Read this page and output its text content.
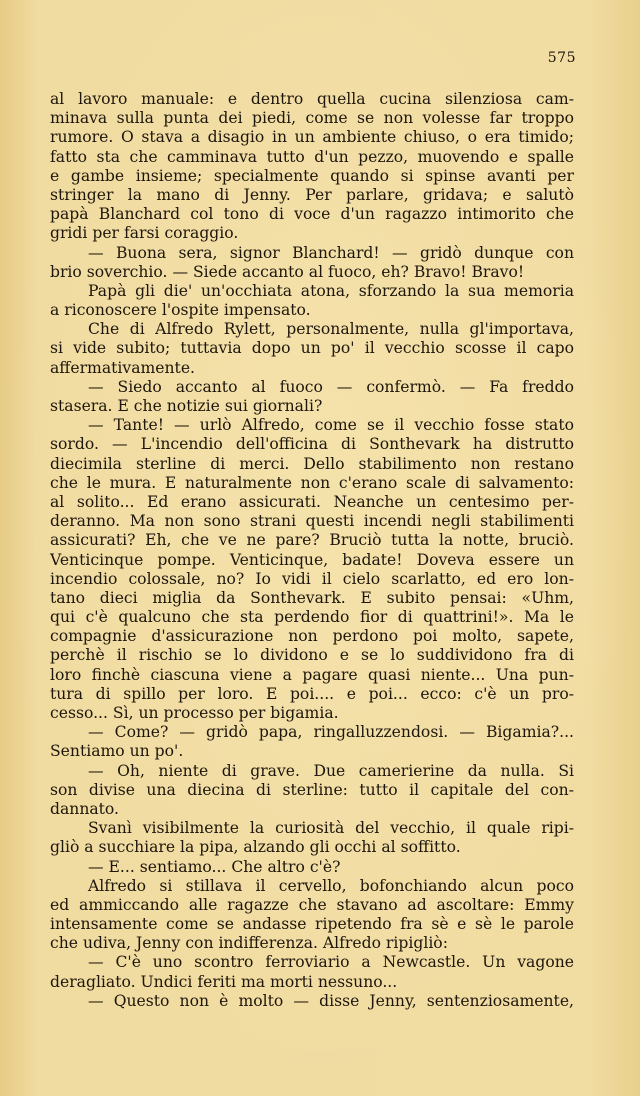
575
al lavoro manuale: e dentro quella cucina silenziosa cam-
minava sulla punta dei piedi, come se non volesse far troppo
rumore. O stava a disagio in un ambiente chiuso, o era timido;
fatto sta che camminava tutto d'un pezzo, muovendo e spalle
e gambe insieme; specialmente quando si spinse avanti per
stringer la mano di Jenny. Per parlare, gridava; e salutò
papà Blanchard col tono di voce d'un ragazzo intimorito che
gridi per farsi coraggio.
— Buona sera, signor Blanchard! — gridò dunque con
brio soverchio. — Siede accanto al fuoco, eh? Bravo! Bravo!
Papà gli die' un'occhiata atona, sforzando la sua memoria
a riconoscere l'ospite impensato.
Che di Alfredo Rylett, personalmente, nulla gl'importava,
si vide subito; tuttavia dopo un po' il vecchio scosse il capo
affermativamente.
— Siedo accanto al fuoco — confermò. — Fa freddo
stasera. E che notizie sui giornali?
— Tante! — urlò Alfredo, come se il vecchio fosse stato
sordo. — L'incendio dell'officina di Sonthevark ha distrutto
diecimila sterline di merci. Dello stabilimento non restano
che le mura. E naturalmente non c'erano scale di salvamento:
al solito... Ed erano assicurati. Neanche un centesimo per-
deranno. Ma non sono strani questi incendi negli stabilimenti
assicurati? Eh, che ve ne pare? Bruciò tutta la notte, bruciò.
Venticinque pompe. Venticinque, badate! Doveva essere un
incendio colossale, no? Io vidi il cielo scarlatto, ed ero lon-
tano dieci miglia da Sonthevark. E subito pensai: «Uhm,
qui c'è qualcuno che sta perdendo fior di quattrini!». Ma le
compagnie d'assicurazione non perdono poi molto, sapete,
perchè il rischio se lo dividono e se lo suddividono fra di
loro finchè ciascuna viene a pagare quasi niente... Una pun-
tura di spillo per loro. E poi.... e poi... ecco: c'è un pro-
cesso... Sì, un processo per bigamia.
— Come? — gridò papa, ringalluzzendosi. — Bigamia?...
Sentiamo un po'.
— Oh, niente di grave. Due camerierine da nulla. Si
son divise una diecina di sterline: tutto il capitale del con-
dannato.
Svanì visibilmente la curiosità del vecchio, il quale ripi-
gliò a succhiare la pipa, alzando gli occhi al soffitto.
— E... sentiamo... Che altro c'è?
Alfredo si stillava il cervello, bofonchiando alcun poco
ed ammiccando alle ragazze che stavano ad ascoltare: Emmy
intensamente come se andasse ripetendo fra sè e sè le parole
che udiva, Jenny con indifferenza. Alfredo ripigliò:
— C'è uno scontro ferroviario a Newcastle. Un vagone
deragliato. Undici feriti ma morti nessuno...
— Questo non è molto — disse Jenny, sentenziosamente,
